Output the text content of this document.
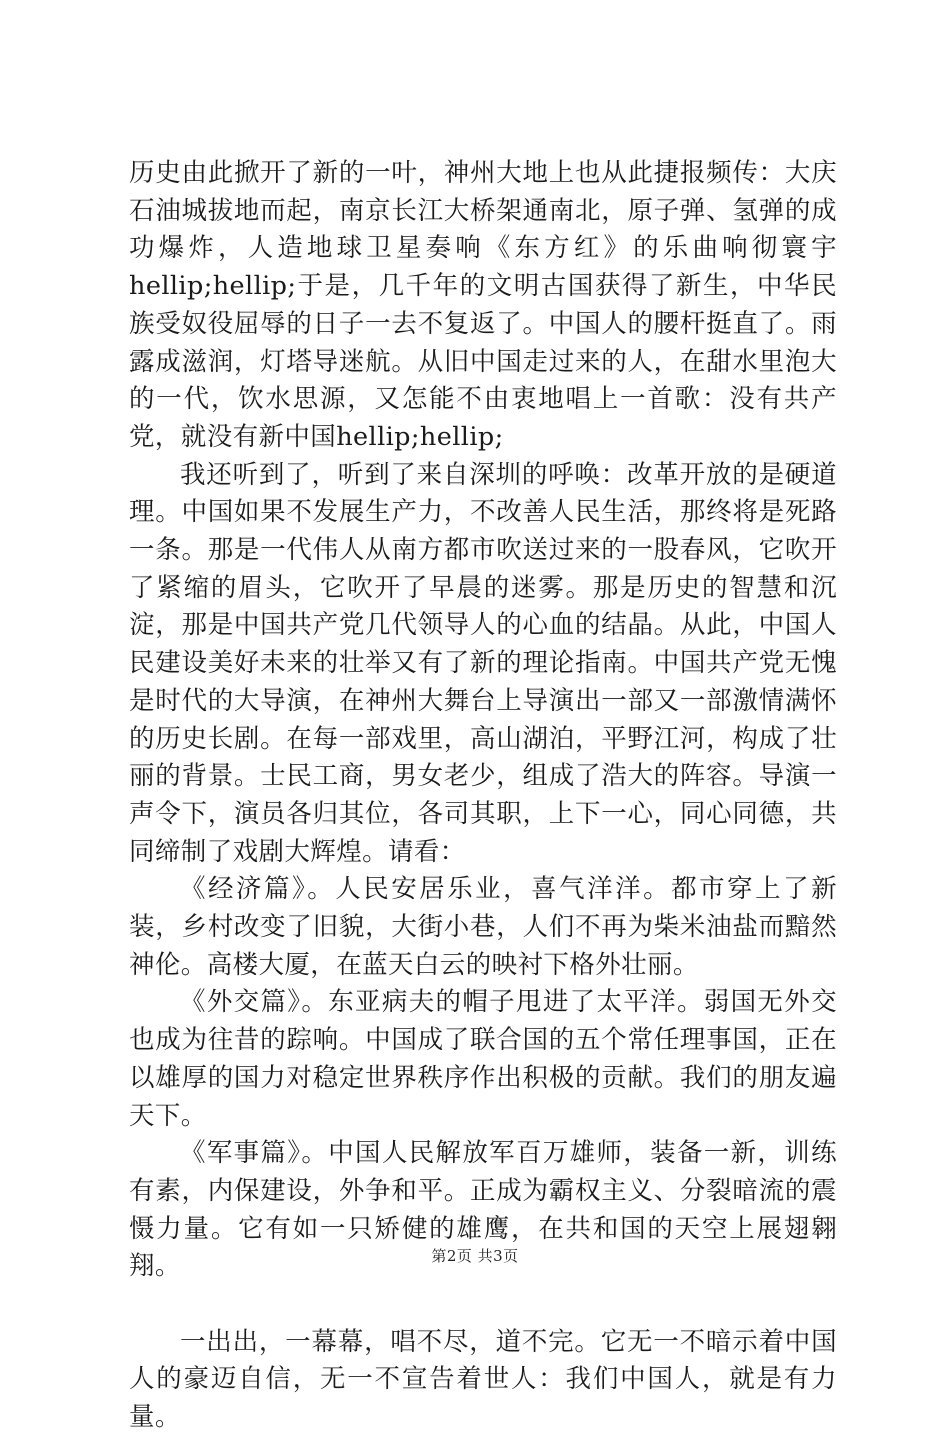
历史由此掀开了新的一叶，神州大地上也从此捷报频传：大庆石油城拔地而起，南京长江大桥架通南北，原子弹、氢弹的成功爆炸，人造地球卫星奏响《东方红》的乐曲响彻寰宇hellip;hellip;于是，几千年的文明古国获得了新生，中华民族受奴役屈辱的日子一去不复返了。中国人的腰杆挺直了。雨露成滋润，灯塔导迷航。从旧中国走过来的人，在甜水里泡大的一代，饮水思源，又怎能不由衷地唱上一首歌：没有共产党，就没有新中国hellip;hellip;

我还听到了，听到了来自深圳的呼唤：改革开放的是硬道理。中国如果不发展生产力，不改善人民生活，那终将是死路一条。那是一代伟人从南方都市吹送过来的一股春风，它吹开了紧缩的眉头，它吹开了早晨的迷雾。那是历史的智慧和沉淀，那是中国共产党几代领导人的心血的结晶。从此，中国人民建设美好未来的壮举又有了新的理论指南。中国共产党无愧是时代的大导演，在神州大舞台上导演出一部又一部激情满怀的历史长剧。在每一部戏里，高山湖泊，平野江河，构成了壮丽的背景。士民工商，男女老少，组成了浩大的阵容。导演一声令下，演员各归其位，各司其职，上下一心，同心同德，共同缔制了戏剧大辉煌。请看：

《经济篇》。人民安居乐业，喜气洋洋。都市穿上了新装，乡村改变了旧貌，大街小巷，人们不再为柴米油盐而黯然神伦。高楼大厦，在蓝天白云的映衬下格外壮丽。

《外交篇》。东亚病夫的帽子甩进了太平洋。弱国无外交也成为往昔的踪响。中国成了联合国的五个常任理事国，正在以雄厚的国力对稳定世界秩序作出积极的贡献。我们的朋友遍天下。

《军事篇》。中国人民解放军百万雄师，装备一新，训练有素，内保建设，外争和平。正成为霸权主义、分裂暗流的震慑力量。它有如一只矫健的雄鹰，在共和国的天空上展翅翱翔。

一出出，一幕幕，唱不尽，道不完。它无一不暗示着中国人的豪迈自信，无一不宣告着世人：我们中国人，就是有力量。

第2页 共3页
